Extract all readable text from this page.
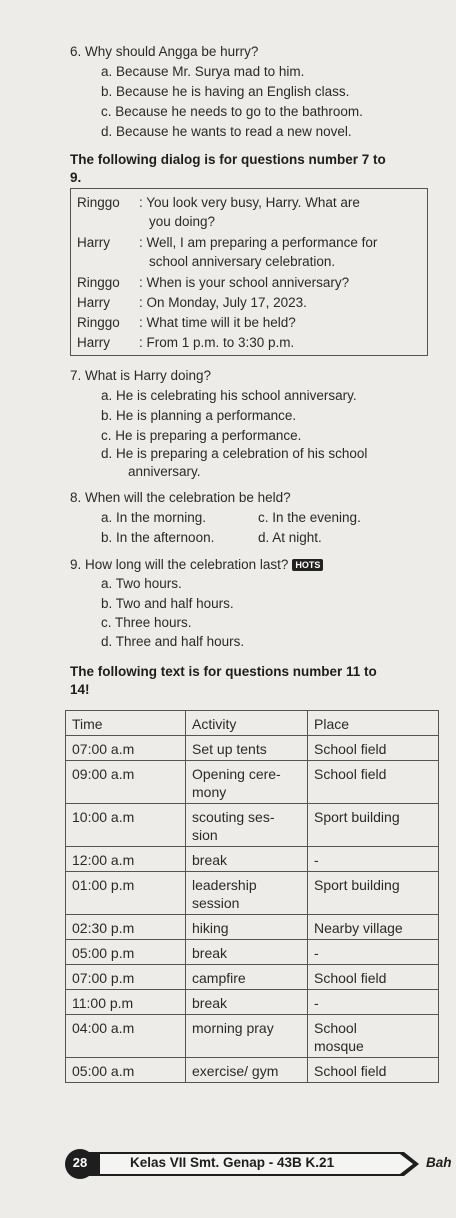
6. Why should Angga be hurry?
a. Because Mr. Surya mad to him.
b. Because he is having an English class.
c. Because he needs to go to the bathroom.
d. Because he wants to read a new novel.
The following dialog is for questions number 7 to
9.
Ringgo : You look very busy, Harry. What are
you doing?
Harry : Well, I am preparing a performance for
school anniversary celebration.
Ringgo : When is your school anniversary?
Harry : On Monday, July 17, 2023.
Ringgo : What time will it be held?
Harry : From 1 p.m. to 3:30 p.m.
7. What is Harry doing?
a. He is celebrating his school anniversary.
b. He is planning a performance.
c. He is preparing a performance.
d. He is preparing a celebration of his school
anniversary.
8. When will the celebration be held?
a. In the morning.	c. In the evening.
b. In the afternoon.	d. At night.
9. How long will the celebration last? HOTS
a. Two hours.
b. Two and half hours.
c. Three hours.
d. Three and half hours.
The following text is for questions number 11 to
14!
Time	Activity	Place
07:00 a.m	Set up tents	School field
09:00 a.m	Opening cere-
mony	School field
10:00 a.m	scouting ses-
sion	Sport building
12:00 a.m	break	-
01:00 p.m	leadership
session	Sport building
02:30 p.m	hiking	Nearby village
05:00 p.m	break	-
07:00 p.m	campfire	School field
11:00 p.m	break	-
04:00 a.m	morning pray	School
mosque
05:00 a.m	exercise/ gym	School field
28	Kelas VII Smt. Genap - 43B K.21	Bah
